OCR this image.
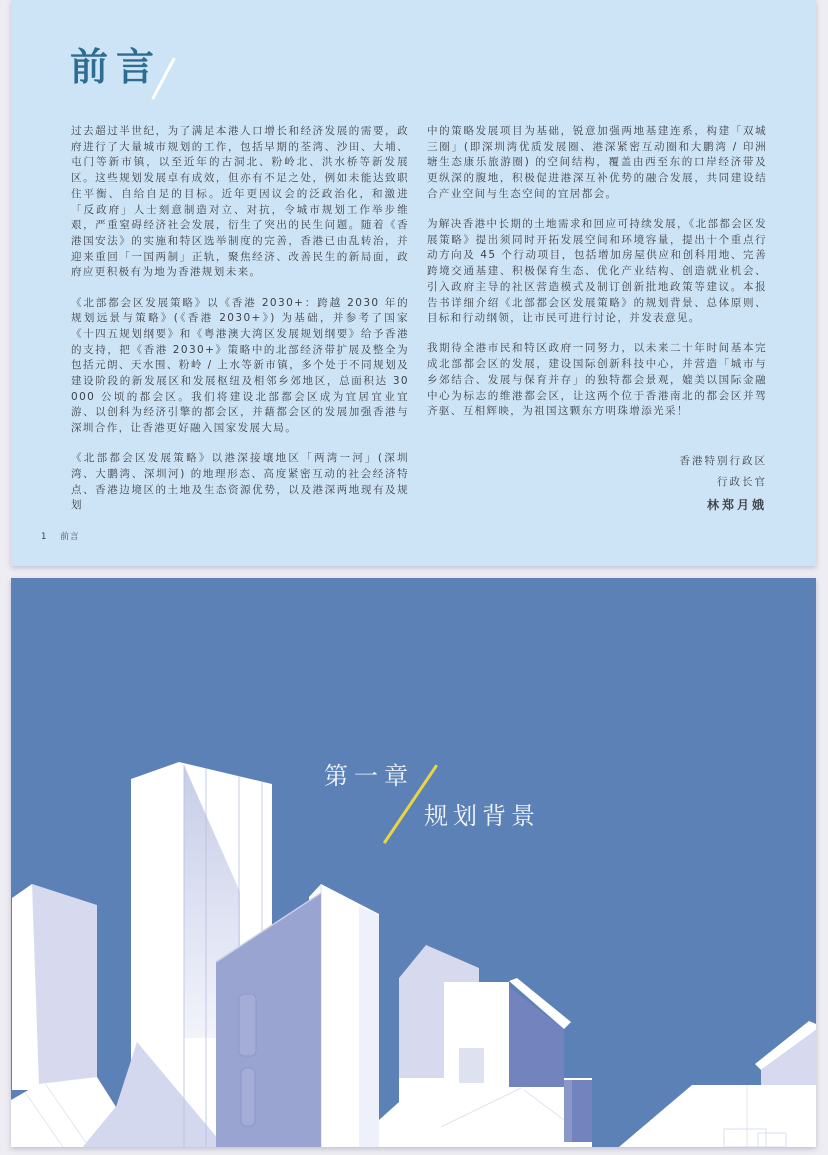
前言

过去超过半世纪，为了满足本港人口增长和经济发展的需要，政府进行了大量城市规划的工作，包括早期的荃湾、沙田、大埔、屯门等新市镇，以至近年的古洞北、粉岭北、洪水桥等新发展区。这些规划发展卓有成效，但亦有不足之处，例如未能达致职住平衡、自给自足的目标。近年更因议会的泛政治化，和激进「反政府」人士刻意制造对立、对抗，令城市规划工作举步维艰，严重窒碍经济社会发展，衍生了突出的民生问题。随着《香港国安法》的实施和特区选举制度的完善，香港已由乱转治，并迎来重回「一国两制」正轨，聚焦经济、改善民生的新局面，政府应更积极有为地为香港规划未来。

《北部都会区发展策略》以《香港 2030+：跨越 2030 年的规划远景与策略》(《香港 2030+》) 为基础，并参考了国家《十四五规划纲要》和《粤港澳大湾区发展规划纲要》给予香港的支持，把《香港 2030+》策略中的北部经济带扩展及整全为包括元朗、天水围、粉岭 / 上水等新市镇，多个处于不同规划及建设阶段的新发展区和发展枢纽及相邻乡郊地区，总面积达 30 000 公顷的都会区。我们将建设北部都会区成为宜居宜业宜游、以创科为经济引擎的都会区，并藉都会区的发展加强香港与深圳合作，让香港更好融入国家发展大局。

《北部都会区发展策略》以港深接壤地区「两湾一河」(深圳湾、大鹏湾、深圳河) 的地理形态、高度紧密互动的社会经济特点、香港边境区的土地及生态资源优势，以及港深两地现有及规划

中的策略发展项目为基础，锐意加强两地基建连系，构建「双城三圈」(即深圳湾优质发展圈、港深紧密互动圈和大鹏湾 / 印洲塘生态康乐旅游圈) 的空间结构，覆盖由西至东的口岸经济带及更纵深的腹地，积极促进港深互补优势的融合发展，共同建设结合产业空间与生态空间的宜居都会。

为解决香港中长期的土地需求和回应可持续发展，《北部都会区发展策略》提出须同时开拓发展空间和环境容量，提出十个重点行动方向及 45 个行动项目，包括增加房屋供应和创科用地、完善跨境交通基建、积极保育生态、优化产业结构、创造就业机会、引入政府主导的社区营造模式及制订创新批地政策等建议。本报告书详细介绍《北部都会区发展策略》的规划背景、总体原则、目标和行动纲领，让市民可进行讨论，并发表意见。

我期待全港市民和特区政府一同努力，以未来二十年时间基本完成北部都会区的发展，建设国际创新科技中心，并营造「城市与乡郊结合、发展与保育并存」的独特都会景观，媲美以国际金融中心为标志的维港都会区，让这两个位于香港南北的都会区并驾齐驱、互相辉映，为祖国这颗东方明珠增添光采！

香港特别行政区
行政长官
林郑月娥
1 前言
第一章
规划背景
